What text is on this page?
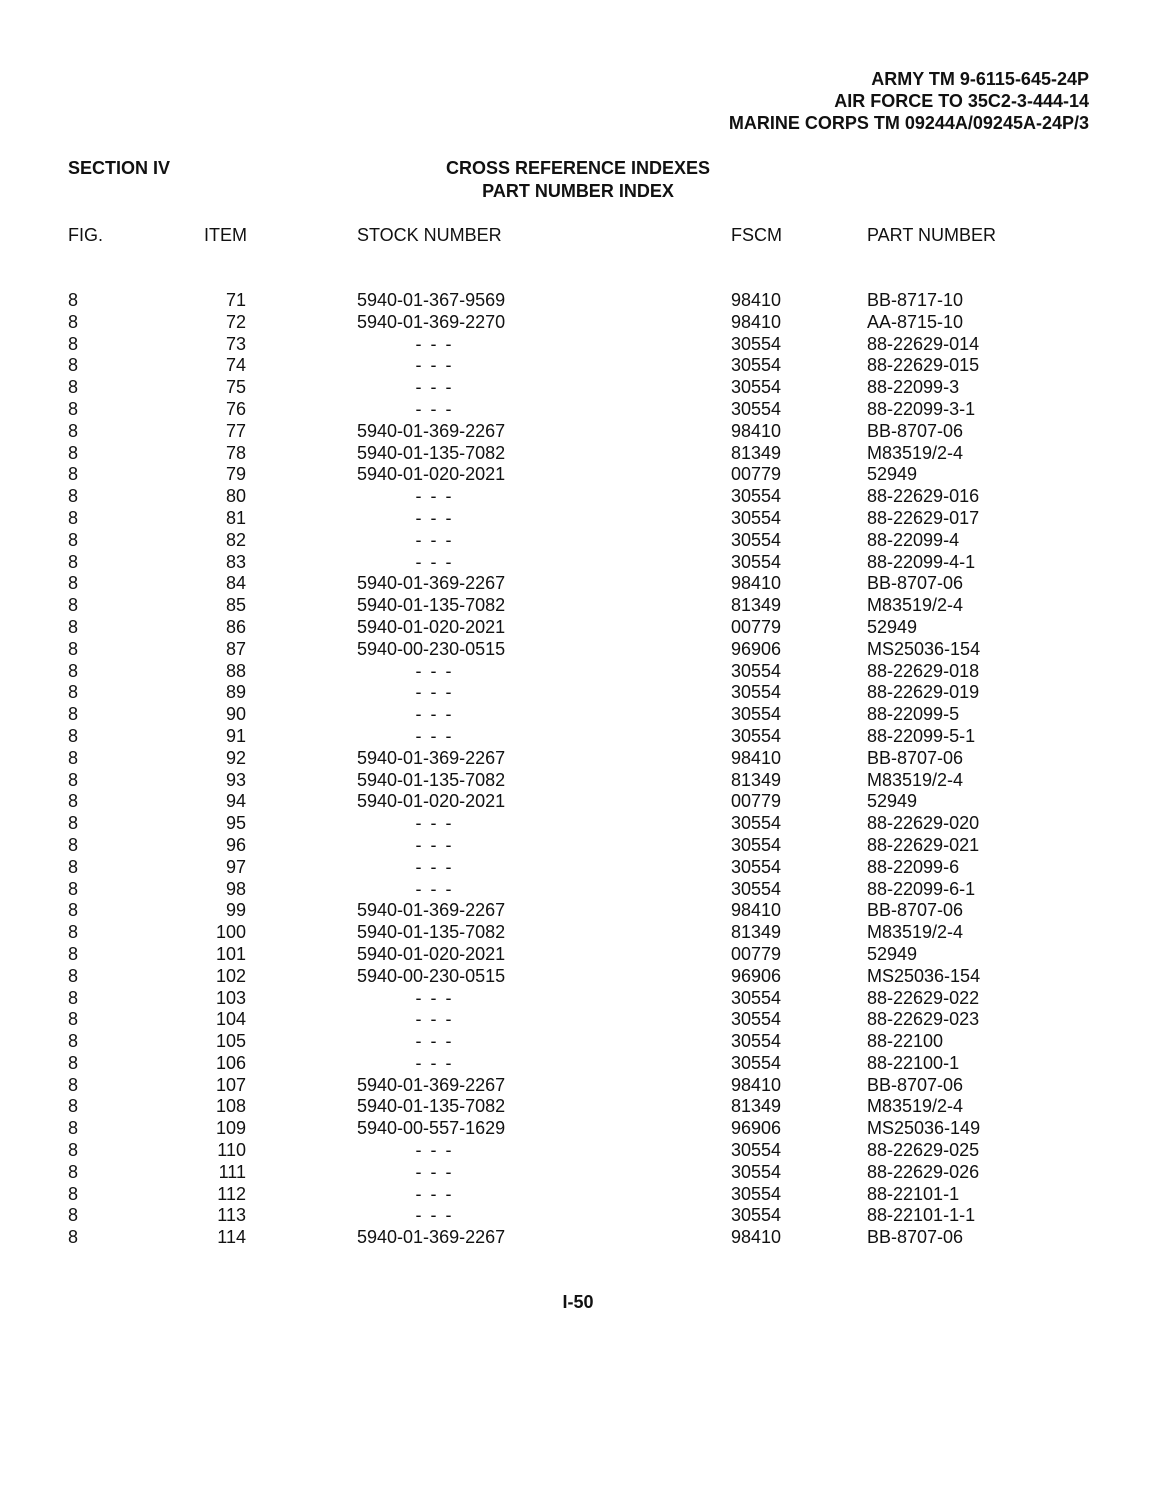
ARMY TM 9-6115-645-24P
AIR FORCE TO 35C2-3-444-14
MARINE CORPS TM 09244A/09245A-24P/3
SECTION IV	CROSS REFERENCE INDEXES
PART NUMBER INDEX
FIG.	ITEM	STOCK NUMBER	FSCM	PART NUMBER
8	71	5940-01-367-9569	98410	BB-8717-10
8	72	5940-01-369-2270	98410	AA-8715-10
8	73	- - -	30554	88-22629-014
8	74	- - -	30554	88-22629-015
8	75	- - -	30554	88-22099-3
8	76	- - -	30554	88-22099-3-1
8	77	5940-01-369-2267	98410	BB-8707-06
8	78	5940-01-135-7082	81349	M83519/2-4
8	79	5940-01-020-2021	00779	52949
8	80	- - -	30554	88-22629-016
8	81	- - -	30554	88-22629-017
8	82	- - -	30554	88-22099-4
8	83	- - -	30554	88-22099-4-1
8	84	5940-01-369-2267	98410	BB-8707-06
8	85	5940-01-135-7082	81349	M83519/2-4
8	86	5940-01-020-2021	00779	52949
8	87	5940-00-230-0515	96906	MS25036-154
8	88	- - -	30554	88-22629-018
8	89	- - -	30554	88-22629-019
8	90	- - -	30554	88-22099-5
8	91	- - -	30554	88-22099-5-1
8	92	5940-01-369-2267	98410	BB-8707-06
8	93	5940-01-135-7082	81349	M83519/2-4
8	94	5940-01-020-2021	00779	52949
8	95	- - -	30554	88-22629-020
8	96	- - -	30554	88-22629-021
8	97	- - -	30554	88-22099-6
8	98	- - -	30554	88-22099-6-1
8	99	5940-01-369-2267	98410	BB-8707-06
8	100	5940-01-135-7082	81349	M83519/2-4
8	101	5940-01-020-2021	00779	52949
8	102	5940-00-230-0515	96906	MS25036-154
8	103	- - -	30554	88-22629-022
8	104	- - -	30554	88-22629-023
8	105	- - -	30554	88-22100
8	106	- - -	30554	88-22100-1
8	107	5940-01-369-2267	98410	BB-8707-06
8	108	5940-01-135-7082	81349	M83519/2-4
8	109	5940-00-557-1629	96906	MS25036-149
8	110	- - -	30554	88-22629-025
8	111	- - -	30554	88-22629-026
8	112	- - -	30554	88-22101-1
8	113	- - -	30554	88-22101-1-1
8	114	5940-01-369-2267	98410	BB-8707-06
I-50
